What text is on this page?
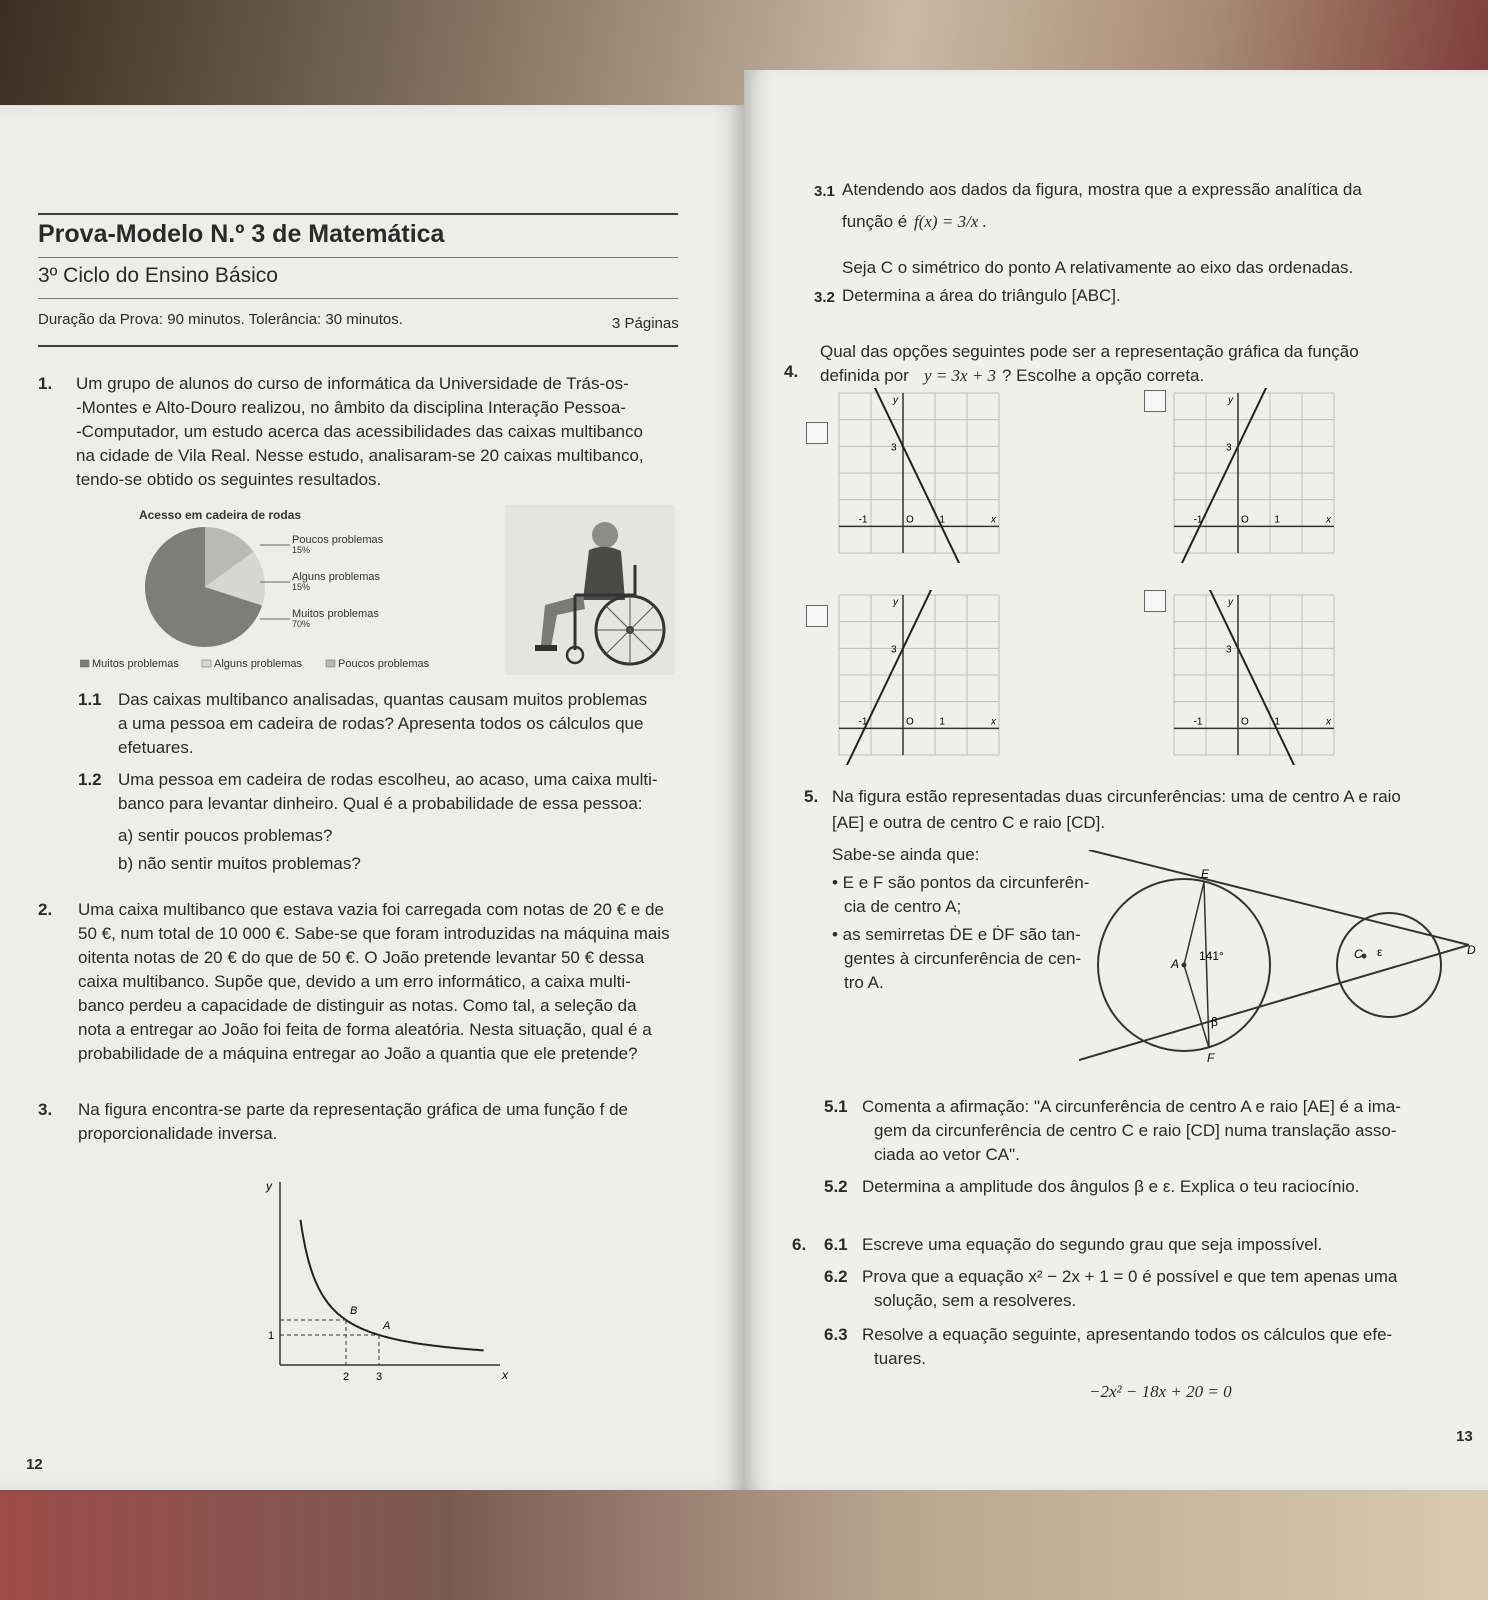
Prova-Modelo N.º 3 de Matemática
3º Ciclo do Ensino Básico
Duração da Prova: 90 minutos. Tolerância: 30 minutos.	3 Páginas
1. Um grupo de alunos do curso de informática da Universidade de Trás-os-
-Montes e Alto-Douro realizou, no âmbito da disciplina Interação Pessoa-
-Computador, um estudo acerca das acessibilidades das caixas multibanco
na cidade de Vila Real. Nesse estudo, analisaram-se 20 caixas multibanco,
tendo-se obtido os seguintes resultados.
Acesso em cadeira de rodas
Poucos problemas
15%
Alguns problemas
15%
Muitos problemas
70%
Muitos problemas	Alguns problemas	Poucos problemas
1.1 Das caixas multibanco analisadas, quantas causam muitos problemas
a uma pessoa em cadeira de rodas? Apresenta todos os cálculos que
efetuares.
1.2 Uma pessoa em cadeira de rodas escolheu, ao acaso, uma caixa multi-
banco para levantar dinheiro. Qual é a probabilidade de essa pessoa:
a) sentir poucos problemas?
b) não sentir muitos problemas?
2. Uma caixa multibanco que estava vazia foi carregada com notas de 20 € e de
50 €, num total de 10 000 €. Sabe-se que foram introduzidas na máquina mais
oitenta notas de 20 € do que de 50 €. O João pretende levantar 50 € dessa
caixa multibanco. Supõe que, devido a um erro informático, a caixa multi-
banco perdeu a capacidade de distinguir as notas. Como tal, a seleção da
nota a entregar ao João foi feita de forma aleatória. Nesta situação, qual é a
probabilidade de a máquina entregar ao João a quantia que ele pretende?
3. Na figura encontra-se parte da representação gráfica de uma função f de
proporcionalidade inversa.
y
x
B
A
2 3
1
12
3.1 Atendendo aos dados da figura, mostra que a expressão analítica da
função é f(x) = 3/x .
3.2
Seja C o simétrico do ponto A relativamente ao eixo das ordenadas.
Determina a área do triângulo [ABC].
4.
Qual das opções seguintes pode ser a representação gráfica da função
definida por y = 3x + 3 ? Escolhe a opção correta.
3
y
x
-1	O	1
3
y
x
-1	O	1
3
y
x
-1	O	1
3
y
x
-1	O	1
5. Na figura estão representadas duas circunferências: uma de centro A e raio
[AE] e outra de centro C e raio [CD].
Sabe-se ainda que:
• E e F são pontos da circunferên-
cia de centro A;
• as semirretas ḊE e ḊF são tan-
gentes à circunferência de cen-
tro A.
A
141°	C ε	D
E
β
F
5.1 Comenta a afirmação: "A circunferência de centro A e raio [AE] é a ima-
gem da circunferência de centro C e raio [CD] numa translação asso-
ciada ao vetor CA".
5.2 Determina a amplitude dos ângulos β e ε. Explica o teu raciocínio.
6. 6.1 Escreve uma equação do segundo grau que seja impossível.
6.2 Prova que a equação x² − 2x + 1 = 0 é possível e que tem apenas uma
solução, sem a resolveres.
6.3 Resolve a equação seguinte, apresentando todos os cálculos que efe-
tuares.
−2x² − 18x + 20 = 0
13
